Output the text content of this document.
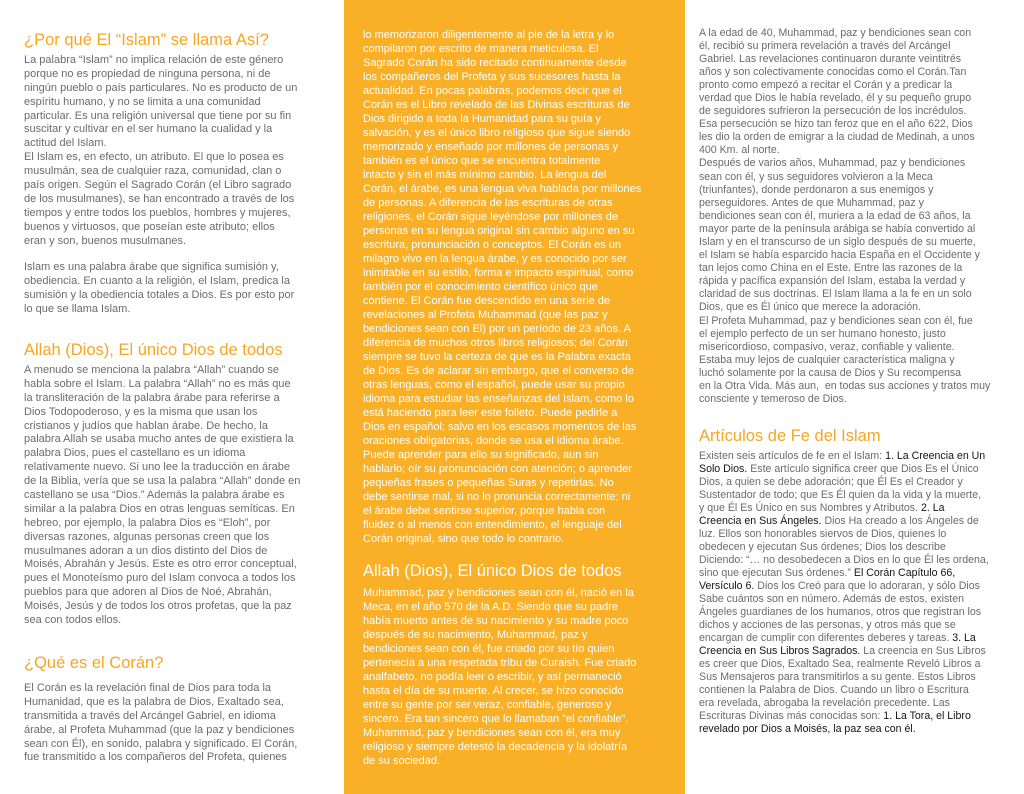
¿Por qué El “Islam” se llama Así?
La palabra “Islam” no implica relación de este género
porque no es propiedad de ninguna persona, ni de
ningún pueblo o país particulares. No es producto de un
espíritu humano, y no se limita a una comunidad
particular. Es una religión universal que tiene por su fin
suscitar y cultivar en el ser humano la cualidad y la
actitud del Islam.
El Islam es, en efecto, un atributo. El que lo posea es
musulmán, sea de cualquier raza, comunidad, clan o
país origen. Según el Sagrado Corán (el Libro sagrado
de los musulmanes), se han encontrado a través de los
tiempos y entre todos los pueblos, hombres y mujeres,
buenos y virtuosos, que poseían este atributo; ellos
eran y son, buenos musulmanes.
Islam es una palabra árabe que significa sumisión y,
obediencia. En cuanto a la religión, el Islam, predica la
sumisión y la obediencia totales a Dios. Es por esto por
lo que se llama Islam.
Allah (Dios), El único Dios de todos
A menudo se menciona la palabra “Allah” cuando se
habla sobre el Islam. La palabra “Allah” no es más que
la transliteración de la palabra árabe para referirse a
Dios Todopoderoso, y es la misma que usan los
cristianos y judíos que hablan árabe. De hecho, la
palabra Allah se usaba mucho antes de que existiera la
palabra Dios, pues el castellano es un idioma
relativamente nuevo. Si uno lee la traducción en árabe
de la Biblia, vería que se usa la palabra “Allah” donde en
castellano se usa “Dios.” Además la palabra árabe es
similar a la palabra Dios en otras lenguas semíticas. En
hebreo, por ejemplo, la palabra Dios es “Eloh”, por
diversas razones, algunas personas creen que los
musulmanes adoran a un dios distinto del Dios de
Moisés, Abrahán y Jesús. Este es otro error conceptual,
pues el Monoteísmo puro del Islam convoca a todos los
pueblos para que adoren al Dios de Noé, Abrahán,
Moisés, Jesús y de todos los otros profetas, que la paz
sea con todos ellos.
¿Qué es el Corán?
El Corán es la revelación final de Dios para toda la
Humanidad, que es la palabra de Dios, Exaltado sea,
transmitida a través del Arcángel Gabriel, en idioma
árabe, al Profeta Muhammad (que la paz y bendiciones
sean con Él), en sonido, palabra y significado. El Corán,
fue transmitido a los compañeros del Profeta, quienes
lo memorizaron diligentemente al pie de la letra y lo
compilaron por escrito de manera meticulosa. El
Sagrado Corán ha sido recitado continuamente desde
los compañeros del Profeta y sus sucesores hasta la
actualidad. En pocas palabras, podemos decir que el
Corán es el Libro revelado de las Divinas escrituras de
Dios dirigido a toda la Humanidad para su guía y
salvación, y es el único libro religioso que sigue siendo
memorizado y enseñado por millones de personas y
también es el único que se encuentra totalmente
intacto y sin el más mínimo cambio. La lengua del
Corán, el árabe, es una lengua viva hablada por millones
de personas. A diferencia de las escrituras de otras
religiones, el Corán sigue leyéndose por millones de
personas en su lengua original sin cambio alguno en su
escritura, pronunciación o conceptos. El Corán es un
milagro vivo en la lengua árabe, y es conocido por ser
inimitable en su estilo, forma e impacto espiritual, como
también por el conocimiento científico único que
contiene. El Corán fue descendido en una serie de
revelaciones al Profeta Muhammad (que las paz y
bendiciones sean con El) por un período de 23 años. A
diferencia de muchos otros libros religiosos; del Corán
siempre se tuvo la certeza de que es la Palabra exacta
de Dios. Es de aclarar sin embargo, que el converso de
otras lenguas, como el español, puede usar su propio
idioma para estudiar las enseñanzas del Islam, como lo
está haciendo para leer este folleto. Puede pedirle a
Dios en español; salvo en los escasos momentos de las
oraciones obligatorias, donde se usa el idioma árabe.
Puede aprender para ello su significado, aun sin
hablarlo; oír su pronunciación con atención; o aprender
pequeñas frases o pequeñas Suras y repetirlas. No
debe sentirse mal, si no lo pronuncia correctamente; ni
el árabe debe sentirse superior, porque habla con
fluidez o al menos con entendimiento, el lenguaje del
Corán original, sino que todo lo contrario.
Allah (Dios), El único Dios de todos
Muhammad, paz y bendiciones sean con él, nació en la
Meca, en el año 570 de la A.D. Siendo que su padre
había muerto antes de su nacimiento y su madre poco
después de su nacimiento, Muhammad, paz y
bendiciones sean con él, fue criado por su tío quien
pertenecía a una respetada tribu de Curaish. Fue criado
analfabeto, no podía leer o escribir, y así permaneció
hasta el día de su muerte. Al crecer, se hizo conocido
entre su gente por ser veraz, confiable, generoso y
sincero. Era tan sincero que lo llamaban “el confiable”.
Muhammad, paz y bendiciones sean con él, era muy
religioso y siempre detestó la decadencia y la idolatría
de su sociedad.
A la edad de 40, Muhammad, paz y bendiciones sean con
él, recibió su primera revelación a través del Arcángel
Gabriel. Las revelaciones continuaron durante veintitrés
años y son colectivamente conocidas como el Corán.Tan
pronto como empezó a recitar el Corán y a predicar la
verdad que Dios le había revelado, él y su pequeño grupo
de seguidores sufrieron la persecución de los incrédulos.
Esa persecución se hizo tan feroz que en el año 622, Dios
les dio la orden de emigrar a la ciudad de Medinah, a unos
400 Km. al norte.
Después de varios años, Muhammad, paz y bendiciones
sean con él, y sus seguidores volvieron a la Meca
(triunfantes), donde perdonaron a sus enemigos y
perseguidores. Antes de que Muhammad, paz y
bendiciones sean con él, muriera a la edad de 63 años, la
mayor parte de la península arábiga se había convertido al
Islam y en el transcurso de un siglo después de su muerte,
el Islam se había esparcido hacia España en el Occidente y
tan lejos como China en el Este. Entre las razones de la
rápida y pacífica expansión del Islam, estaba la verdad y
claridad de sus doctrinas. El Islam llama a la fe en un solo
Dios, que es Él único que merece la adoración.
El Profeta Muhammad, paz y bendiciones sean con él, fue
el ejemplo perfecto de un ser humano honesto, justo
misericordioso, compasivo, veraz, confiable y valiente.
Estaba muy lejos de cualquier característica maligna y
luchó solamente por la causa de Dios y Su recompensa
en la Otra Vida. Más aun,  en todas sus acciones y tratos muy
consciente y temeroso de Dios.
Artículos de Fe del Islam
Existen seis artículos de fe en el Islam: 1. La Creencia en Un
Solo Dios. Este artículo significa creer que Dios Es el Único
Dios, a quien se debe adoración; que Él Es el Creador y
Sustentador de todo; que Es Él quien da la vida y la muerte,
y que Él Es Único en sus Nombres y Atributos. 2. La
Creencia en Sus Ángeles. Dios Ha creado a los Ángeles de
luz. Ellos son honorables siervos de Dios, quienes lo
obedecen y ejecutan Sus órdenes; Dios los describe
Diciendo: “… no desobedecen a Dios en lo que Él les ordena,
sino que ejecutan Sus órdenes.” El Corán Capítulo 66,
Versículo 6. Dios los Creó para que lo adoraran, y sólo Dios
Sabe cuántos son en número. Además de estos, existen
Ángeles guardianes de los humanos, otros que registran los
dichos y acciones de las personas, y otros más que se
encargan de cumplir con diferentes deberes y tareas. 3. La
Creencia en Sus Libros Sagrados. La creencia en Sus Libros
es creer que Dios, Exaltado Sea, realmente Reveló Libros a
Sus Mensajeros para transmitirlos a su gente. Estos Libros
contienen la Palabra de Dios. Cuando un libro o Escritura
era revelada, abrogaba la revelación precedente. Las
Escrituras Divinas más conocidas son: 1. La Tora, el Libro
revelado por Dios a Moisés, la paz sea con él.
